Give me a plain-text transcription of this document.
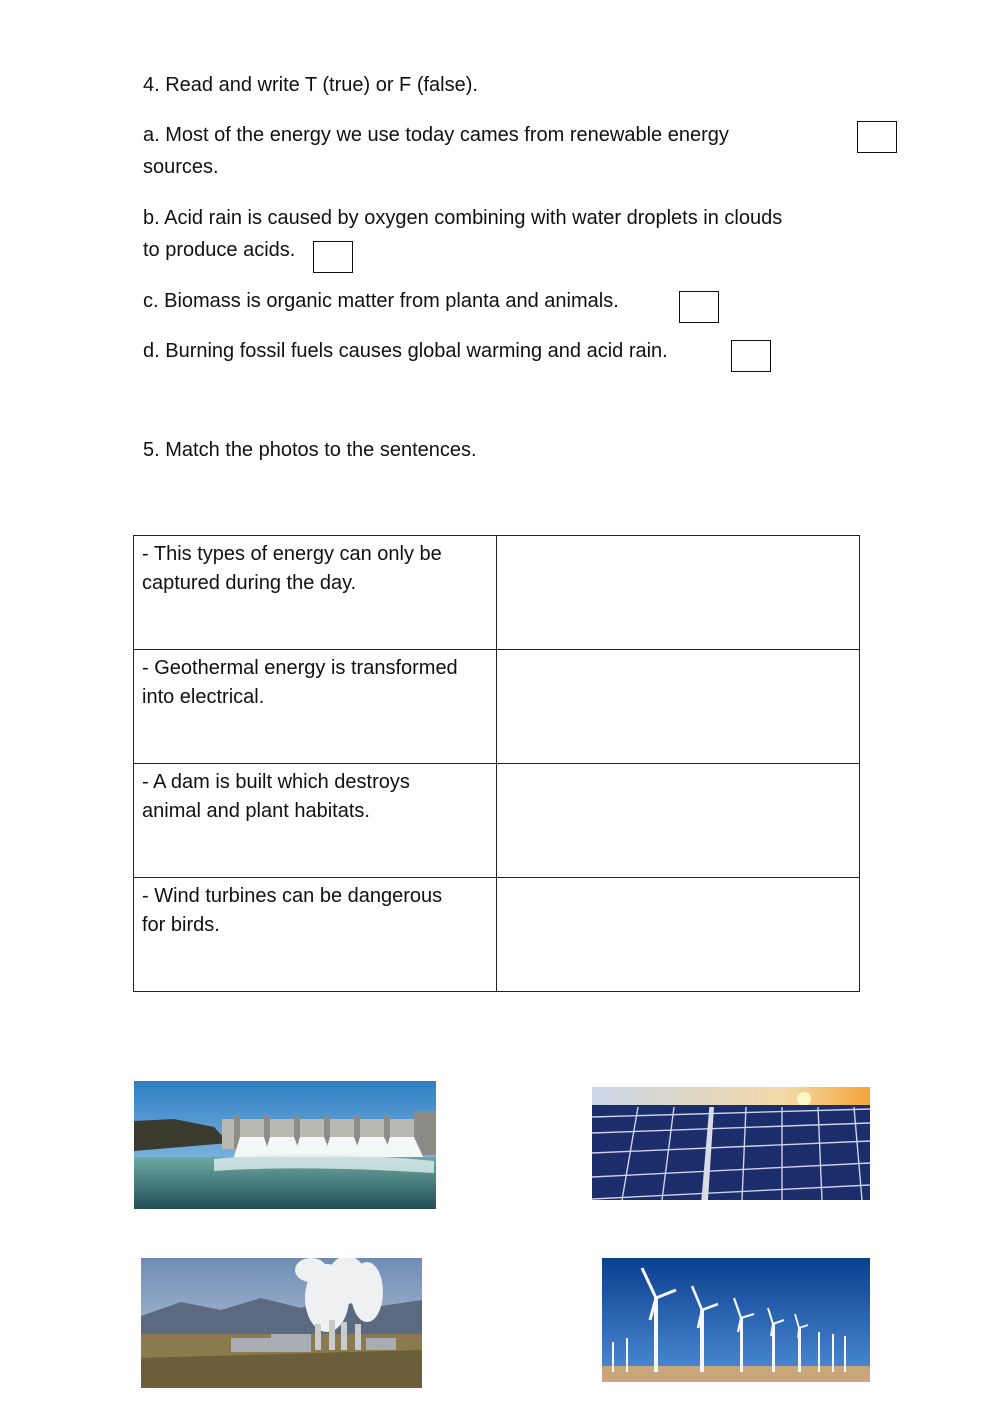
4. Read and write T (true) or F (false).
a. Most of the energy we use today cames from renewable energy
sources.
b. Acid rain is caused by oxygen combining with water droplets in clouds
to produce acids.
c. Biomass is organic matter from planta and animals.
d. Burning fossil fuels causes global warming and acid rain.
5. Match the photos to the sentences.
- This types of energy can only be
captured during the day.	

- Geothermal energy is transformed
into electrical.	

- A dam is built which destroys
animal and plant habitats.	

- Wind turbines can be dangerous
for birds.	
